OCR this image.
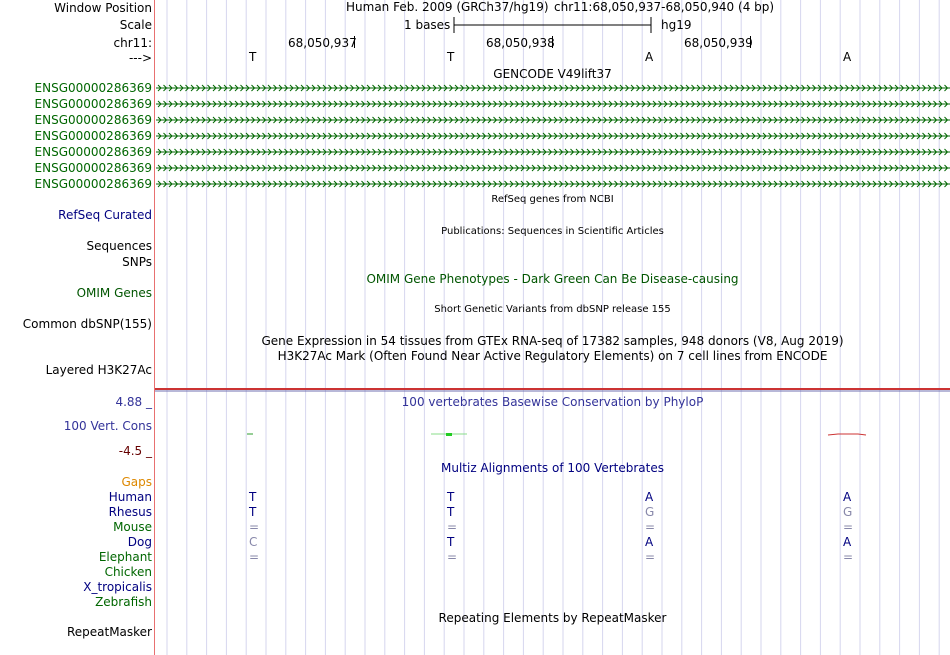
Window Position
Scale
chr11:
--->
Human Feb. 2009 (GRCh37/hg19) chr11:68,050,937-68,050,940 (4 bp)
1 bases	hg19
68,050,937	68,050,938	68,050,939
T	T	A	A
GENCODE V49lift37
ENSG00000286369
ENSG00000286369
ENSG00000286369
ENSG00000286369
ENSG00000286369
ENSG00000286369
ENSG00000286369
RefSeq genes from NCBI
RefSeq Curated
Publications: Sequences in Scientific Articles
Sequences
SNPs
OMIM Gene Phenotypes - Dark Green Can Be Disease-causing
OMIM Genes
Short Genetic Variants from dbSNP release 155
Common dbSNP(155)
Gene Expression in 54 tissues from GTEx RNA-seq of 17382 samples, 948 donors (V8, Aug 2019)
H3K27Ac Mark (Often Found Near Active Regulatory Elements) on 7 cell lines from ENCODE
Layered H3K27Ac
4.88 _	100 vertebrates Basewise Conservation by PhyloP
100 Vert. Cons
-4.5 _
Multiz Alignments of 100 Vertebrates
Gaps
Human	T	T	A	A
Rhesus	T	T	G	G
Mouse	=	=	=	=
Dog	C	T	A	A
Elephant	=	=	=	=
Chicken
X_tropicalis
Zebrafish
Repeating Elements by RepeatMasker
RepeatMasker
